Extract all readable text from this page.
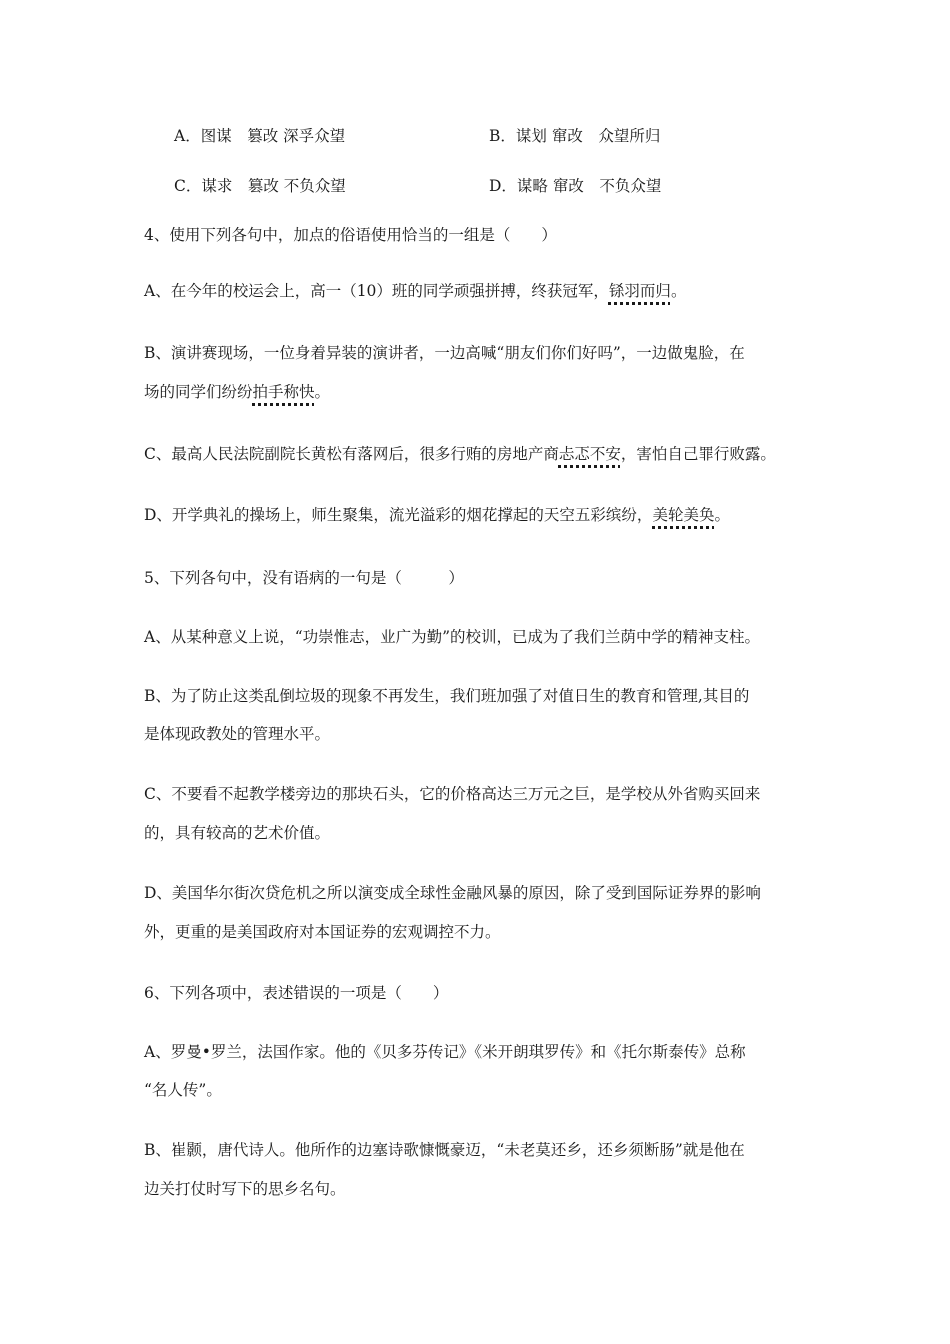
A．图谋　篡改 深孚众望	B．谋划 窜改　众望所归
C．谋求　篡改 不负众望	D．谋略 窜改　不负众望
4、使用下列各句中，加点的俗语使用恰当的一组是（　　）
A、在今年的校运会上，高一（10）班的同学顽强拼搏，终获冠军，铩羽而归。
B、演讲赛现场，一位身着异装的演讲者，一边高喊“朋友们你们好吗”，一边做鬼脸，在
场的同学们纷纷拍手称快。
C、最高人民法院副院长黄松有落网后，很多行贿的房地产商忐忑不安，害怕自己罪行败露。
D、开学典礼的操场上，师生聚集，流光溢彩的烟花撑起的天空五彩缤纷，美轮美奂。
5、下列各句中，没有语病的一句是（　　　）
A、从某种意义上说，“功崇惟志，业广为勤”的校训，已成为了我们兰荫中学的精神支柱。
B、为了防止这类乱倒垃圾的现象不再发生，我们班加强了对值日生的教育和管理,其目的
是体现政教处的管理水平。
C、不要看不起教学楼旁边的那块石头，它的价格高达三万元之巨，是学校从外省购买回来
的，具有较高的艺术价值。
D、美国华尔街次贷危机之所以演变成全球性金融风暴的原因，除了受到国际证券界的影响
外，更重的是美国政府对本国证券的宏观调控不力。
6、下列各项中，表述错误的一项是（　　）
A、罗曼•罗兰，法国作家。他的《贝多芬传记》《米开朗琪罗传》和《托尔斯泰传》总称
“名人传”。
B、崔颢，唐代诗人。他所作的边塞诗歌慷慨豪迈，“未老莫还乡，还乡须断肠”就是他在
边关打仗时写下的思乡名句。
